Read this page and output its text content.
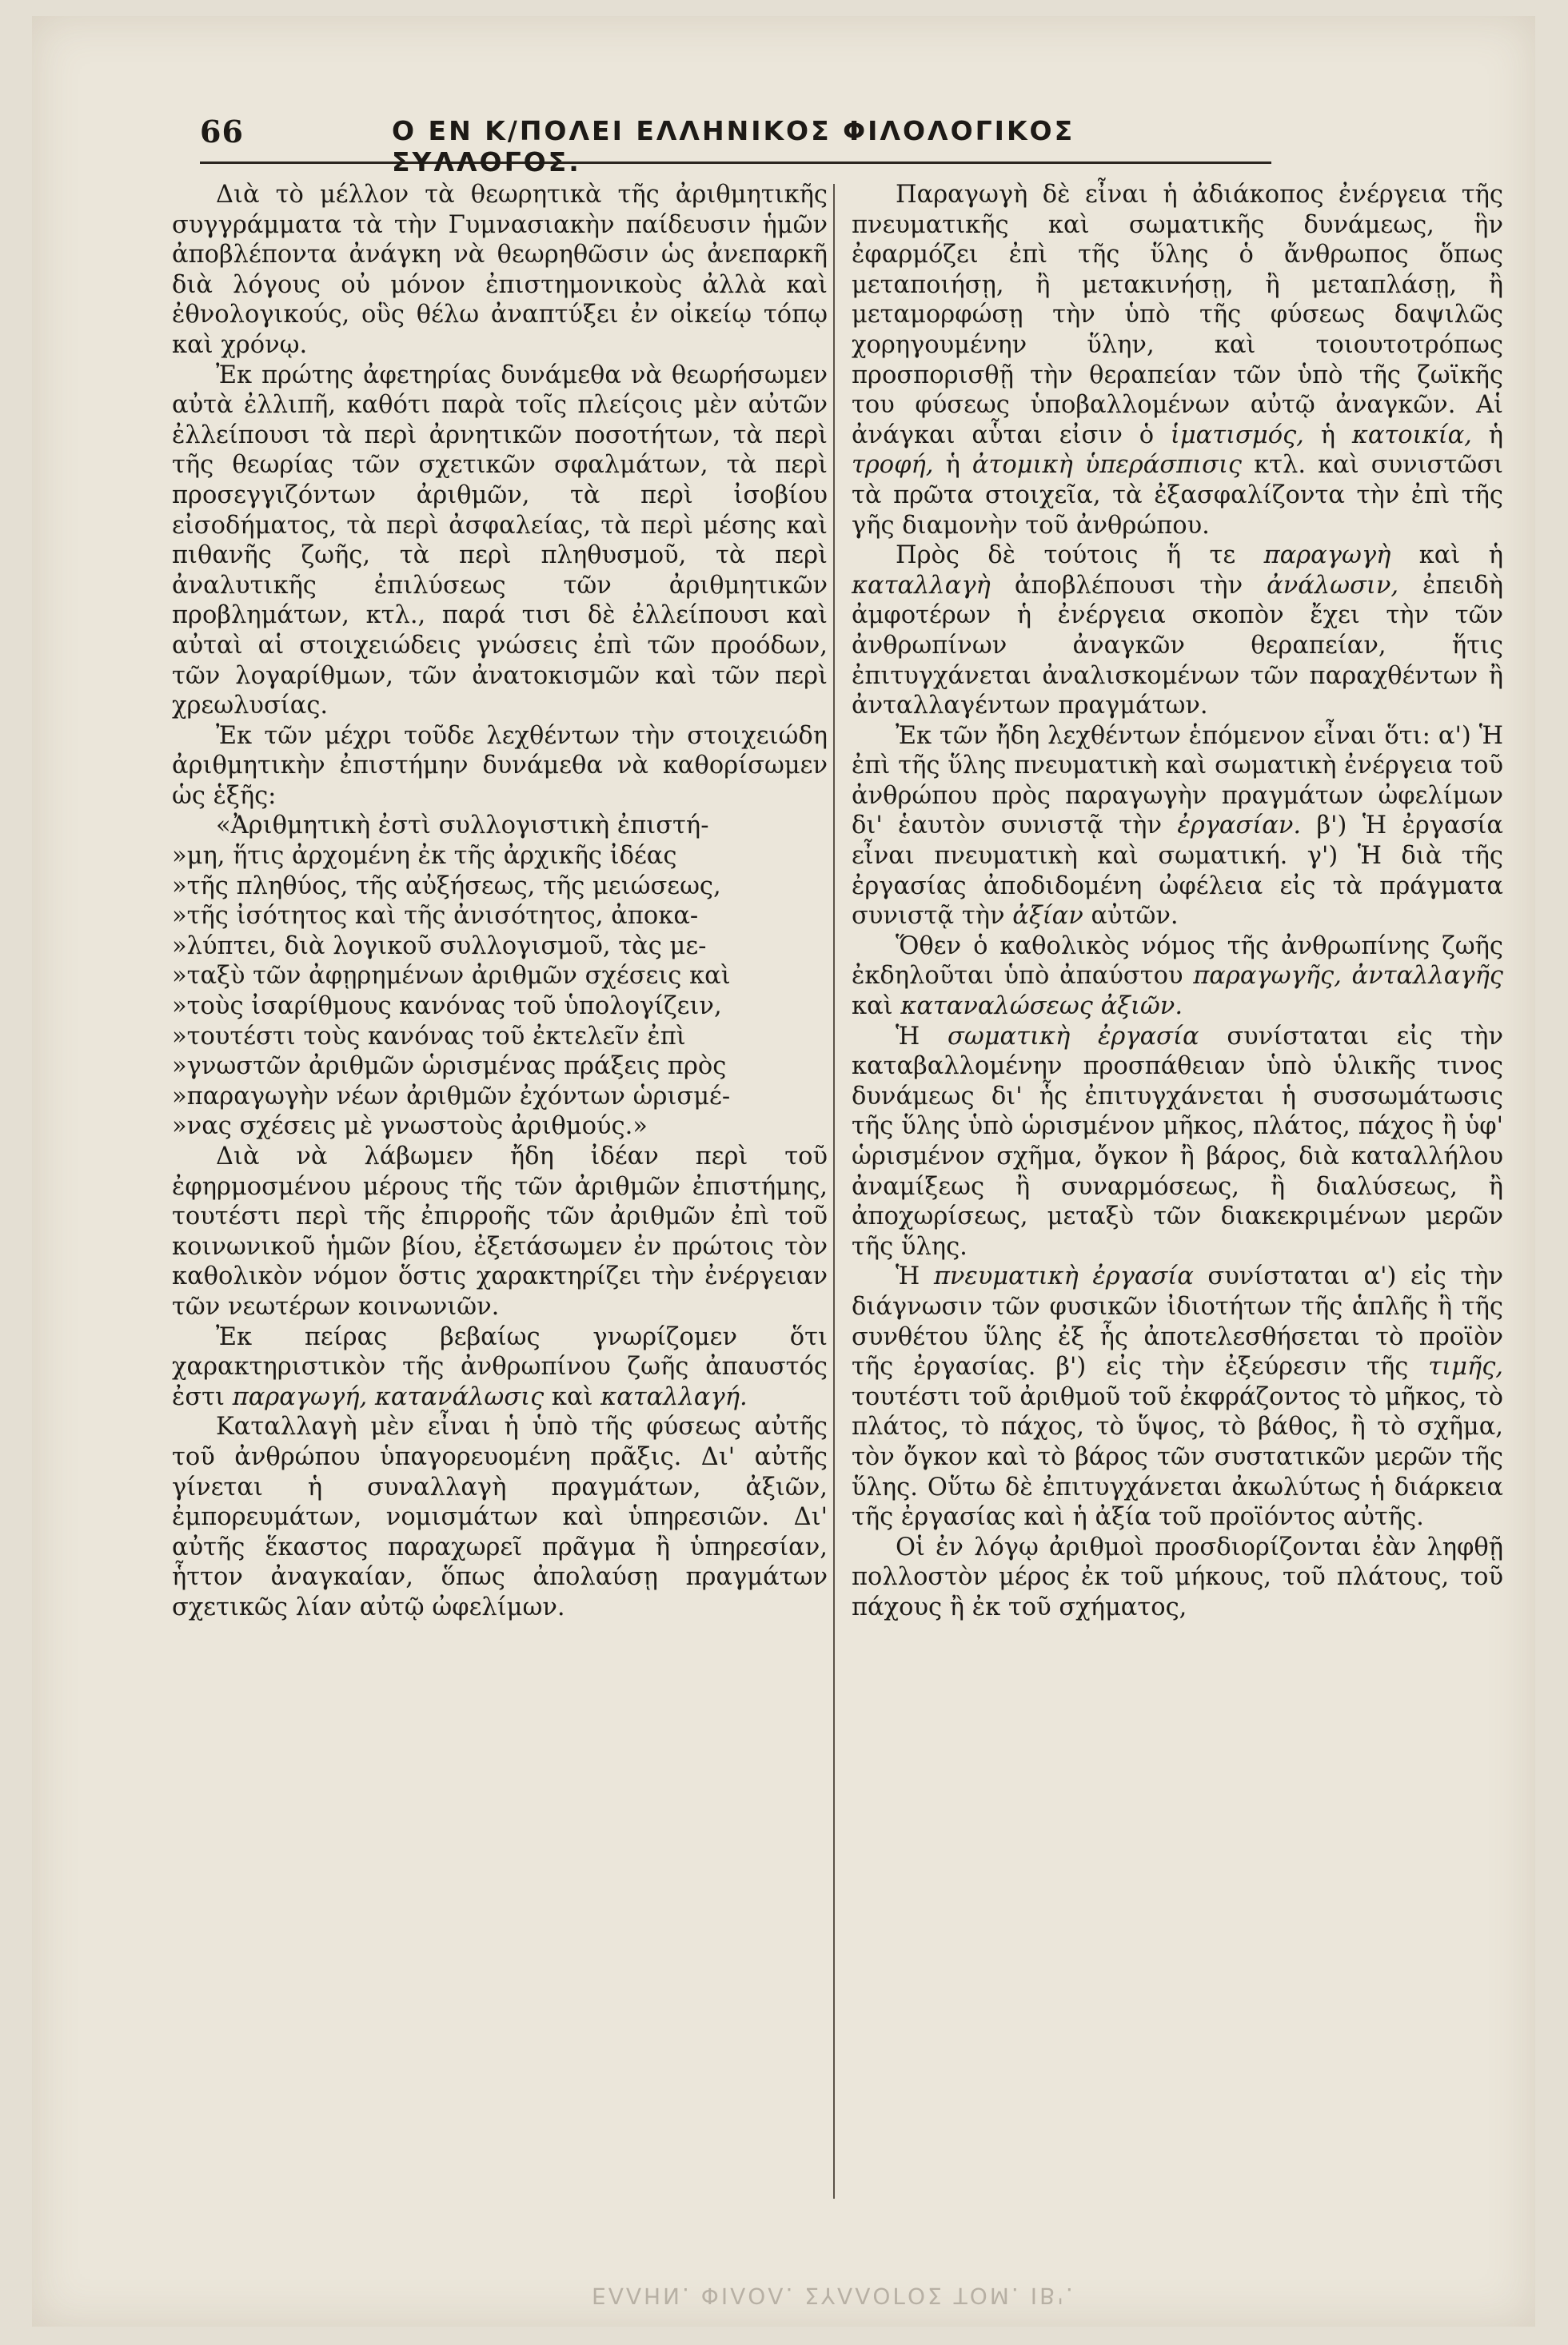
66	Ο ΕΝ Κ/ΠΟΛΕΙ ΕΛΛΗΝΙΚΟΣ ΦΙΛΟΛΟΓΙΚΟΣ ΣΥΛΛΟΓΟΣ.

Διὰ τὸ μέλλον τὰ θεωρητικὰ τῆς ἀριθμητικῆς συγγράμματα τὰ τὴν Γυμνασιακὴν παίδευσιν ἡμῶν ἀποβλέποντα ἀνάγκη νὰ θεωρηθῶσιν ὡς ἀνεπαρκῆ διὰ λόγους οὐ μόνον ἐπιστημονικοὺς ἀλλὰ καὶ ἐθνολογικούς, οὓς θέλω ἀναπτύξει ἐν οἰκείῳ τόπῳ καὶ χρόνῳ.

Ἐκ πρώτης ἀφετηρίας δυνάμεθα νὰ θεωρήσωμεν αὐτὰ ἐλλιπῆ, καθότι παρὰ τοῖς πλείςοις μὲν αὐτῶν ἐλλείπουσι τὰ περὶ ἀρνητικῶν ποσοτήτων, τὰ περὶ τῆς θεωρίας τῶν σχετικῶν σφαλμάτων, τὰ περὶ προσεγγιζόντων ἀριθμῶν, τὰ περὶ ἰσοβίου εἰσοδήματος, τὰ περὶ ἀσφαλείας, τὰ περὶ μέσης καὶ πιθανῆς ζωῆς, τὰ περὶ πληθυσμοῦ, τὰ περὶ ἀναλυτικῆς ἐπιλύσεως τῶν ἀριθμητικῶν προβλημάτων, κτλ., παρά τισι δὲ ἐλλείπουσι καὶ αὐταὶ αἱ στοιχειώδεις γνώσεις ἐπὶ τῶν προόδων, τῶν λογαρίθμων, τῶν ἀνατοκισμῶν καὶ τῶν περὶ χρεωλυσίας.

Ἐκ τῶν μέχρι τοῦδε λεχθέντων τὴν στοιχειώδη ἀριθμητικὴν ἐπιστήμην δυνάμεθα νὰ καθορίσωμεν ὡς ἑξῆς:

«Ἀριθμητικὴ ἐστὶ συλλογιστικὴ ἐπιστή-
»μη, ἥτις ἀρχομένη ἐκ τῆς ἀρχικῆς ἰδέας
»τῆς πληθύος, τῆς αὐξήσεως, τῆς μειώσεως,
»τῆς ἰσότητος καὶ τῆς ἀνισότητος, ἀποκα-
»λύπτει, διὰ λογικοῦ συλλογισμοῦ, τὰς με-
»ταξὺ τῶν ἀφῃρημένων ἀριθμῶν σχέσεις καὶ
»τοὺς ἰσαρίθμους κανόνας τοῦ ὑπολογίζειν,
»τουτέστι τοὺς κανόνας τοῦ ἐκτελεῖν ἐπὶ
»γνωστῶν ἀριθμῶν ὡρισμένας πράξεις πρὸς
»παραγωγὴν νέων ἀριθμῶν ἐχόντων ὡρισμέ-
»νας σχέσεις μὲ γνωστοὺς ἀριθμούς.»

Διὰ νὰ λάβωμεν ἤδη ἰδέαν περὶ τοῦ ἐφηρμοσμένου μέρους τῆς τῶν ἀριθμῶν ἐπιστήμης, τουτέστι περὶ τῆς ἐπιρροῆς τῶν ἀριθμῶν ἐπὶ τοῦ κοινωνικοῦ ἡμῶν βίου, ἐξετάσωμεν ἐν πρώτοις τὸν καθολικὸν νόμον ὅστις χαρακτηρίζει τὴν ἐνέργειαν τῶν νεωτέρων κοινωνιῶν.

Ἐκ πείρας βεβαίως γνωρίζομεν ὅτι χαρακτηριστικὸν τῆς ἀνθρωπίνου ζωῆς ἀπαυστός ἐστι παραγωγή, κατανάλωσις καὶ καταλλαγή.

Καταλλαγὴ μὲν εἶναι ἡ ὑπὸ τῆς φύσεως αὐτῆς τοῦ ἀνθρώπου ὑπαγορευομένη πρᾶξις. Δι' αὐτῆς γίνεται ἡ συναλλαγὴ πραγμάτων, ἀξιῶν, ἐμπορευμάτων, νομισμάτων καὶ ὑπηρεσιῶν. Δι' αὐτῆς ἕκαστος παραχωρεῖ πρᾶγμα ἢ ὑπηρεσίαν, ἧττον ἀναγκαίαν, ὅπως ἀπολαύσῃ πραγμάτων σχετικῶς λίαν αὐτῷ ὠφελίμων.

Παραγωγὴ δὲ εἶναι ἡ ἀδιάκοπος ἐνέργεια τῆς πνευματικῆς καὶ σωματικῆς δυνάμεως, ἣν ἐφαρμόζει ἐπὶ τῆς ὕλης ὁ ἄνθρωπος ὅπως μεταποιήσῃ, ἢ μετακινήσῃ, ἢ μεταπλάσῃ, ἢ μεταμορφώσῃ τὴν ὑπὸ τῆς φύσεως δαψιλῶς χορηγουμένην ὕλην, καὶ τοιουτοτρόπως προσπορισθῇ τὴν θεραπείαν τῶν ὑπὸ τῆς ζωϊκῆς του φύσεως ὑποβαλλομένων αὐτῷ ἀναγκῶν. Αἱ ἀνάγκαι αὗται εἰσιν ὁ ἱματισμός, ἡ κατοικία, ἡ τροφή, ἡ ἀτομικὴ ὑπεράσπισις κτλ. καὶ συνιστῶσι τὰ πρῶτα στοιχεῖα, τὰ ἐξασφαλίζοντα τὴν ἐπὶ τῆς γῆς διαμονὴν τοῦ ἀνθρώπου.

Πρὸς δὲ τούτοις ἥ τε παραγωγὴ καὶ ἡ καταλλαγὴ ἀποβλέπουσι τὴν ἀνάλωσιν, ἐπειδὴ ἀμφοτέρων ἡ ἐνέργεια σκοπὸν ἔχει τὴν τῶν ἀνθρωπίνων ἀναγκῶν θεραπείαν, ἥτις ἐπιτυγχάνεται ἀναλισκομένων τῶν παραχθέντων ἢ ἀνταλλαγέντων πραγμάτων.

Ἐκ τῶν ἤδη λεχθέντων ἑπόμενον εἶναι ὅτι: α') Ἡ ἐπὶ τῆς ὕλης πνευματικὴ καὶ σωματικὴ ἐνέργεια τοῦ ἀνθρώπου πρὸς παραγωγὴν πραγμάτων ὠφελίμων δι' ἑαυτὸν συνιστᾷ τὴν ἐργασίαν. β') Ἡ ἐργασία εἶναι πνευματικὴ καὶ σωματική. γ') Ἡ διὰ τῆς ἐργασίας ἀποδιδομένη ὠφέλεια εἰς τὰ πράγματα συνιστᾷ τὴν ἀξίαν αὐτῶν.

Ὅθεν ὁ καθολικὸς νόμος τῆς ἀνθρωπίνης ζωῆς ἐκδηλοῦται ὑπὸ ἀπαύστου παραγωγῆς, ἀνταλλαγῆς καὶ καταναλώσεως ἀξιῶν.

Ἡ σωματικὴ ἐργασία συνίσταται εἰς τὴν καταβαλλομένην προσπάθειαν ὑπὸ ὑλικῆς τινος δυνάμεως δι' ἧς ἐπιτυγχάνεται ἡ συσσωμάτωσις τῆς ὕλης ὑπὸ ὡρισμένον μῆκος, πλάτος, πάχος ἢ ὑφ' ὡρισμένον σχῆμα, ὄγκον ἢ βάρος, διὰ καταλλήλου ἀναμίξεως ἢ συναρμόσεως, ἢ διαλύσεως, ἢ ἀποχωρίσεως, μεταξὺ τῶν διακεκριμένων μερῶν τῆς ὕλης.

Ἡ πνευματικὴ ἐργασία συνίσταται α') εἰς τὴν διάγνωσιν τῶν φυσικῶν ἰδιοτήτων τῆς ἁπλῆς ἢ τῆς συνθέτου ὕλης ἐξ ἧς ἀποτελεσθήσεται τὸ προϊὸν τῆς ἐργασίας. β') εἰς τὴν ἐξεύρεσιν τῆς τιμῆς, τουτέστι τοῦ ἀριθμοῦ τοῦ ἐκφράζοντος τὸ μῆκος, τὸ πλάτος, τὸ πάχος, τὸ ὕψος, τὸ βάθος, ἢ τὸ σχῆμα, τὸν ὄγκον καὶ τὸ βάρος τῶν συστατικῶν μερῶν τῆς ὕλης. Οὕτω δὲ ἐπιτυγχάνεται ἀκωλύτως ἡ διάρκεια τῆς ἐργασίας καὶ ἡ ἀξία τοῦ προϊόντος αὐτῆς.

Οἱ ἐν λόγῳ ἀριθμοὶ προσδιορίζονται ἐὰν ληφθῇ πολλοστὸν μέρος ἐκ τοῦ μήκους, τοῦ πλάτους, τοῦ πάχους ἢ ἐκ τοῦ σχήματος,

ΕΛΛΗΝ. ΦΙΛΟΛ. ΣΥΛΛΟΓΟΣ ΤΟΜ. ΙΒ'.
